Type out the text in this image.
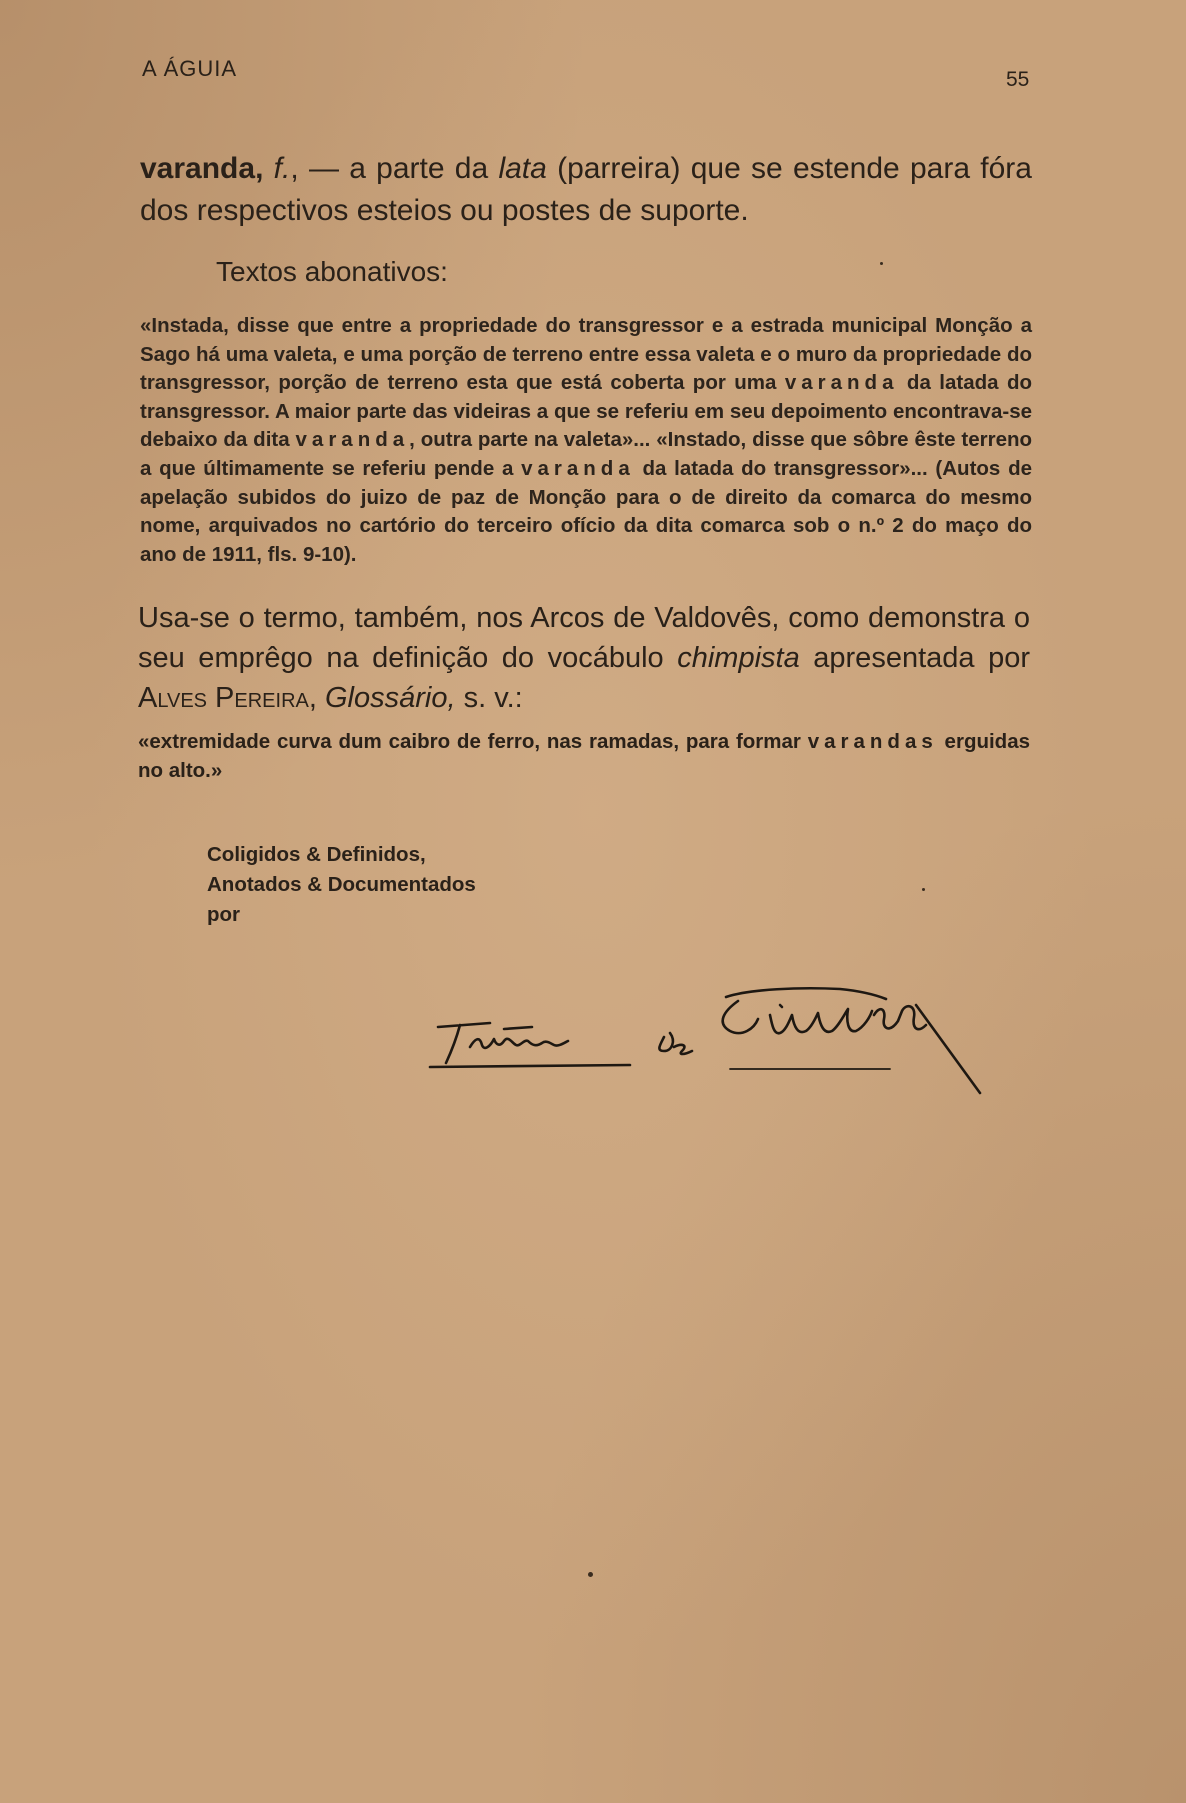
A ÁGUIA	55
varanda, f., — a parte da lata (parreira) que se estende para fóra dos respectivos esteios ou postes de suporte.
Textos abonativos:
«Instada, disse que entre a propriedade do transgressor e a estrada municipal Monção a Sago há uma valeta, e uma porção de terreno entre essa valeta e o muro da propriedade do transgressor, porção de terreno esta que está coberta por uma varanda da latada do transgressor. A maior parte das videiras a que se referiu em seu depoimento encontrava-se debaixo da dita varanda, outra parte na valeta»... «Instado, disse que sôbre êste terreno a que últimamente se referiu pende a varanda da latada do transgressor»... (Autos de apelação subidos do juizo de paz de Monção para o de direito da comarca do mesmo nome, arquivados no cartório do terceiro ofício da dita comarca sob o n.º 2 do maço do ano de 1911, fls. 9-10).
Usa-se o termo, também, nos Arcos de Valdovês, como demonstra o seu emprêgo na definição do vocábulo chimpista apresentada por Alves Pereira, Glossário, s. v.:
«extremidade curva dum caibro de ferro, nas ramadas, para formar varandas erguidas no alto.»
Coligidos & Definidos,
Anotados & Documentados
por
